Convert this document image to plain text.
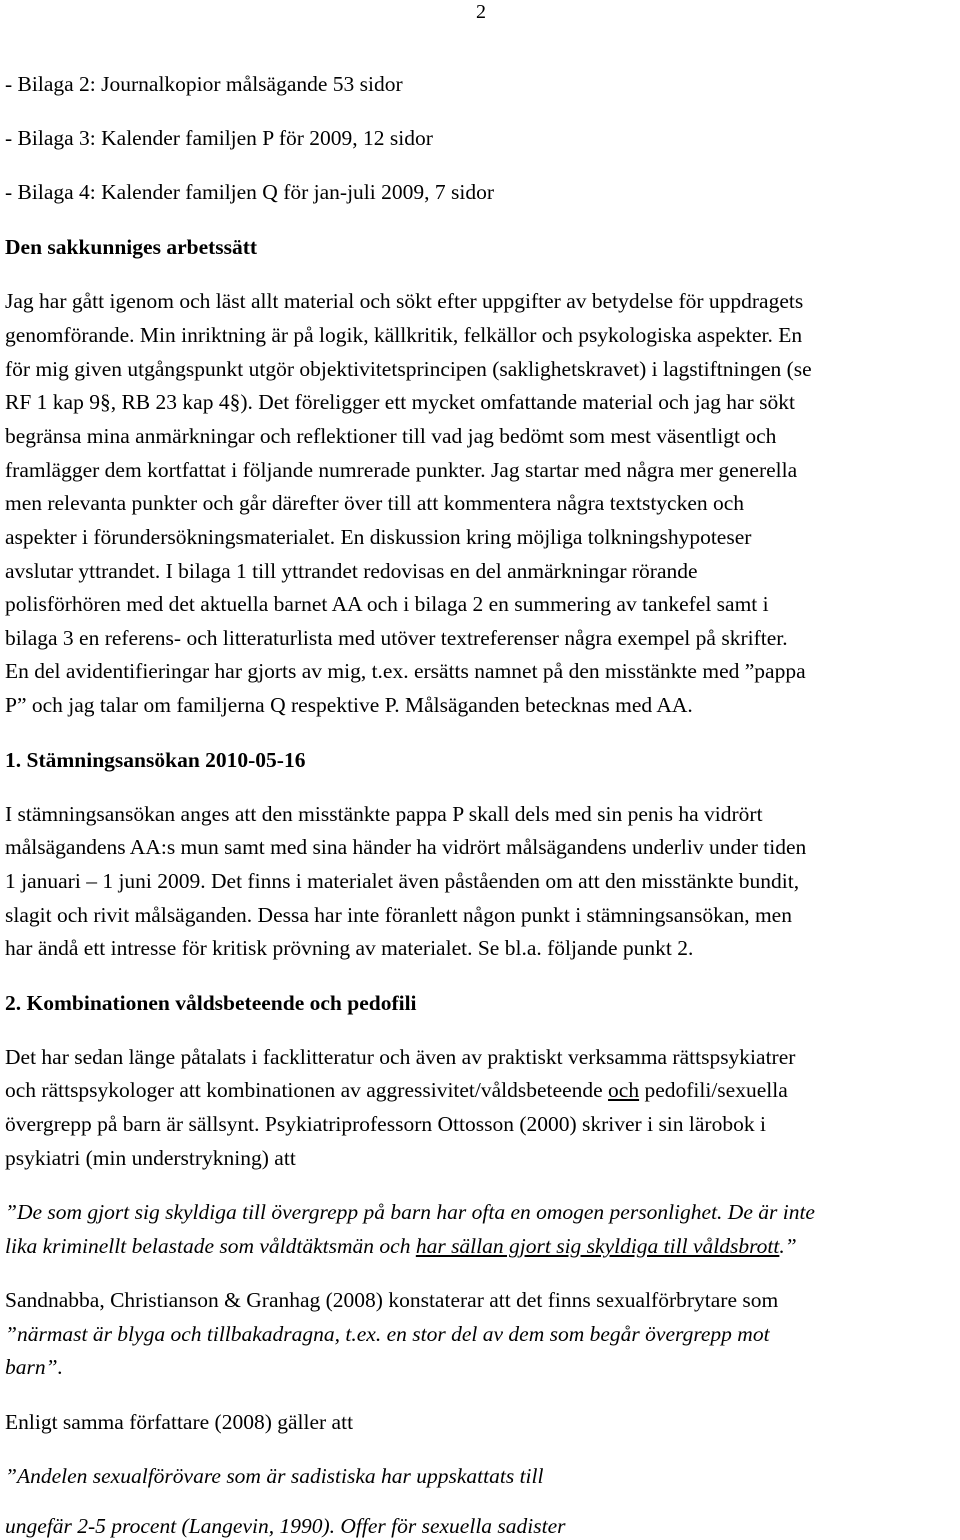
2
- Bilaga 2: Journalkopior målsägande 53 sidor
- Bilaga 3: Kalender familjen P för 2009, 12 sidor
- Bilaga 4: Kalender familjen Q för jan-juli 2009, 7 sidor
Den sakkunniges arbetssätt
Jag har gått igenom och läst allt material och sökt efter uppgifter av betydelse för uppdragets
genomförande. Min inriktning är på logik, källkritik, felkällor och psykologiska aspekter. En
för mig given utgångspunkt utgör objektivitetsprincipen (saklighetskravet) i lagstiftningen (se
RF 1 kap 9§, RB 23 kap 4§). Det föreligger ett mycket omfattande material och jag har sökt
begränsa mina anmärkningar och reflektioner till vad jag bedömt som mest väsentligt och
framlägger dem kortfattat i följande numrerade punkter. Jag startar med några mer generella
men relevanta punkter och går därefter över till att kommentera några textstycken och
aspekter i förundersökningsmaterialet. En diskussion kring möjliga tolkningshypoteser
avslutar yttrandet. I bilaga 1 till yttrandet redovisas en del anmärkningar rörande
polisförhören med det aktuella barnet AA och i bilaga 2 en summering av tankefel samt i
bilaga 3 en referens- och litteraturlista med utöver textreferenser några exempel på skrifter.
En del avidentifieringar har gjorts av mig, t.ex. ersätts namnet på den misstänkte med ”pappa
P” och jag talar om familjerna Q respektive P. Målsäganden betecknas med AA.
1. Stämningsansökan 2010-05-16
I stämningsansökan anges att den misstänkte pappa P skall dels med sin penis ha vidrört
målsägandens AA:s mun samt med sina händer ha vidrört målsägandens underliv under tiden
1 januari – 1 juni 2009. Det finns i materialet även påståenden om att den misstänkte bundit,
slagit och rivit målsäganden. Dessa har inte föranlett någon punkt i stämningsansökan, men
har ändå ett intresse för kritisk prövning av materialet. Se bl.a. följande punkt 2.
2. Kombinationen våldsbeteende och pedofili
Det har sedan länge påtalats i facklitteratur och även av praktiskt verksamma rättspsykiatrer
och rättspsykologer att kombinationen av aggressivitet/våldsbeteende och pedofili/sexuella
övergrepp på barn är sällsynt. Psykiatriprofessorn Ottosson (2000) skriver i sin lärobok i
psykiatri (min understrykning) att
”De som gjort sig skyldiga till övergrepp på barn har ofta en omogen personlighet. De är inte
lika kriminellt belastade som våldtäktsmän och har sällan gjort sig skyldiga till våldsbrott.”
Sandnabba, Christianson & Granhag (2008) konstaterar att det finns sexualförbrytare som
”närmast är blyga och tillbakadragna, t.ex. en stor del av dem som begår övergrepp mot
barn”.
Enligt samma författare (2008) gäller att
”Andelen sexualförövare som är sadistiska har uppskattats till
ungefär 2-5 procent (Langevin, 1990). Offer för sexuella sadister
